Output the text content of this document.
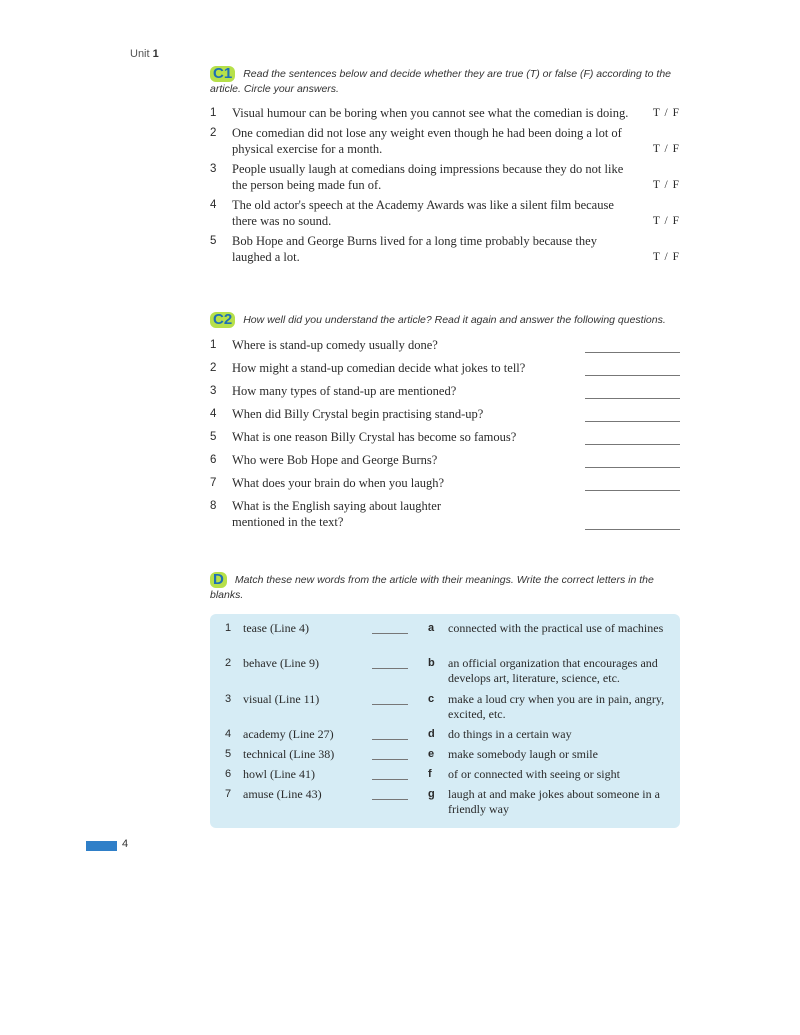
Unit 1
C1 Read the sentences below and decide whether they are true (T) or false (F) according to the article. Circle your answers.
1 Visual humour can be boring when you cannot see what the comedian is doing. T / F
2 One comedian did not lose any weight even though he had been doing a lot of physical exercise for a month.	T / F
3 People usually laugh at comedians doing impressions because they do not like the person being made fun of.	T / F
4 The old actor's speech at the Academy Awards was like a silent film because there was no sound.	T / F
5 Bob Hope and George Burns lived for a long time probably because they laughed a lot.	T / F
C2 How well did you understand the article? Read it again and answer the following questions.
1 Where is stand-up comedy usually done?
2 How might a stand-up comedian decide what jokes to tell?
3 How many types of stand-up are mentioned?
4 When did Billy Crystal begin practising stand-up?
5 What is one reason Billy Crystal has become so famous?
6 Who were Bob Hope and George Burns?
7 What does your brain do when you laugh?
8 What is the English saying about laughter mentioned in the text?
D Match these new words from the article with their meanings. Write the correct letters in the blanks.
1 tease (Line 4)	a connected with the practical use of machines
2 behave (Line 9)	b an official organization that encourages and develops art, literature, science, etc.
3 visual (Line 11)	c make a loud cry when you are in pain, angry, excited, etc.
4 academy (Line 27)	d do things in a certain way
5 technical (Line 38)	e make somebody laugh or smile
6 howl (Line 41)	f of or connected with seeing or sight
7 amuse (Line 43)	g laugh at and make jokes about someone in a friendly way
4
